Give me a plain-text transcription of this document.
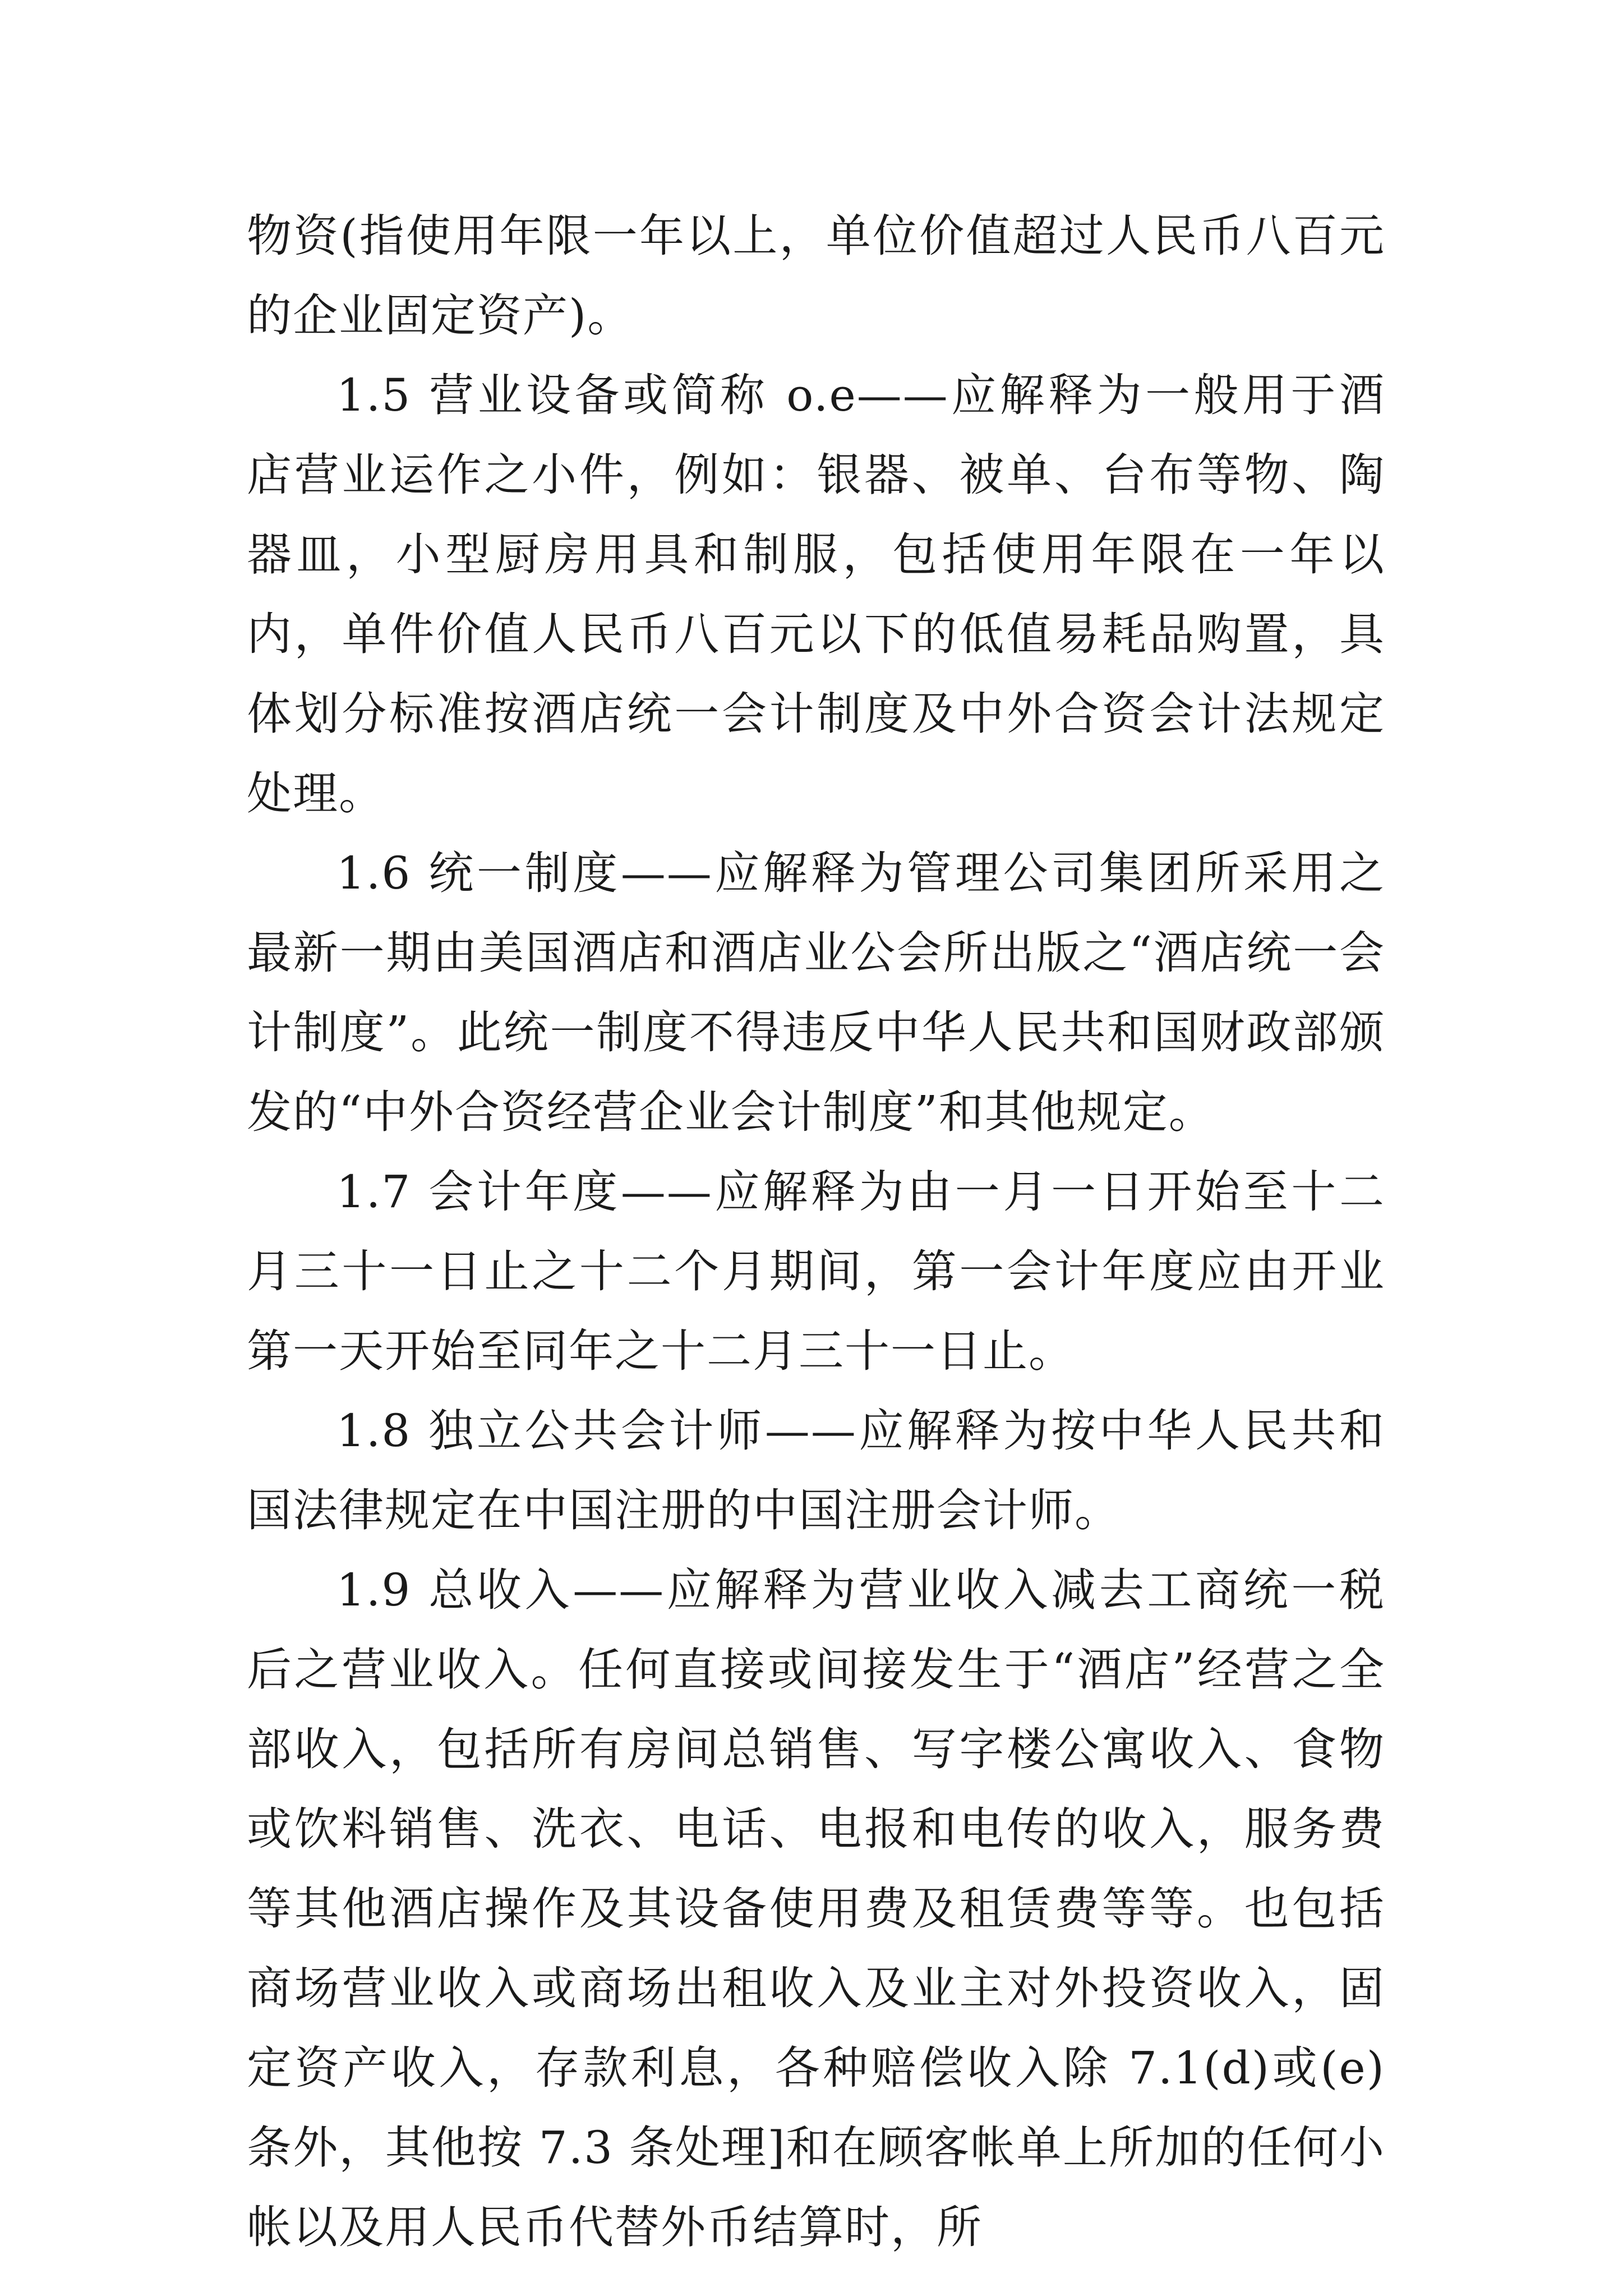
物资(指使用年限一年以上，单位价值超过人民币八百元的企业固定资产)。

1.5 营业设备或简称 o.e——应解释为一般用于酒店营业运作之小件，例如：银器、被单、台布等物、陶器皿，小型厨房用具和制服，包括使用年限在一年以内，单件价值人民币八百元以下的低值易耗品购置，具体划分标准按酒店统一会计制度及中外合资会计法规定处理。

1.6 统一制度——应解释为管理公司集团所采用之最新一期由美国酒店和酒店业公会所出版之“酒店统一会计制度”。此统一制度不得违反中华人民共和国财政部颁发的“中外合资经营企业会计制度”和其他规定。

1.7 会计年度——应解释为由一月一日开始至十二月三十一日止之十二个月期间，第一会计年度应由开业第一天开始至同年之十二月三十一日止。

1.8 独立公共会计师——应解释为按中华人民共和国法律规定在中国注册的中国注册会计师。

1.9 总收入——应解释为营业收入减去工商统一税后之营业收入。任何直接或间接发生于“酒店”经营之全部收入，包括所有房间总销售、写字楼公寓收入、食物或饮料销售、洗衣、电话、电报和电传的收入，服务费等其他酒店操作及其设备使用费及租赁费等等。也包括商场营业收入或商场出租收入及业主对外投资收入，固定资产收入，存款利息，各种赔偿收入除 7.1(d)或(e)条外，其他按 7.3 条处理]和在顾客帐单上所加的任何小帐以及用人民币代替外币结算时，所
